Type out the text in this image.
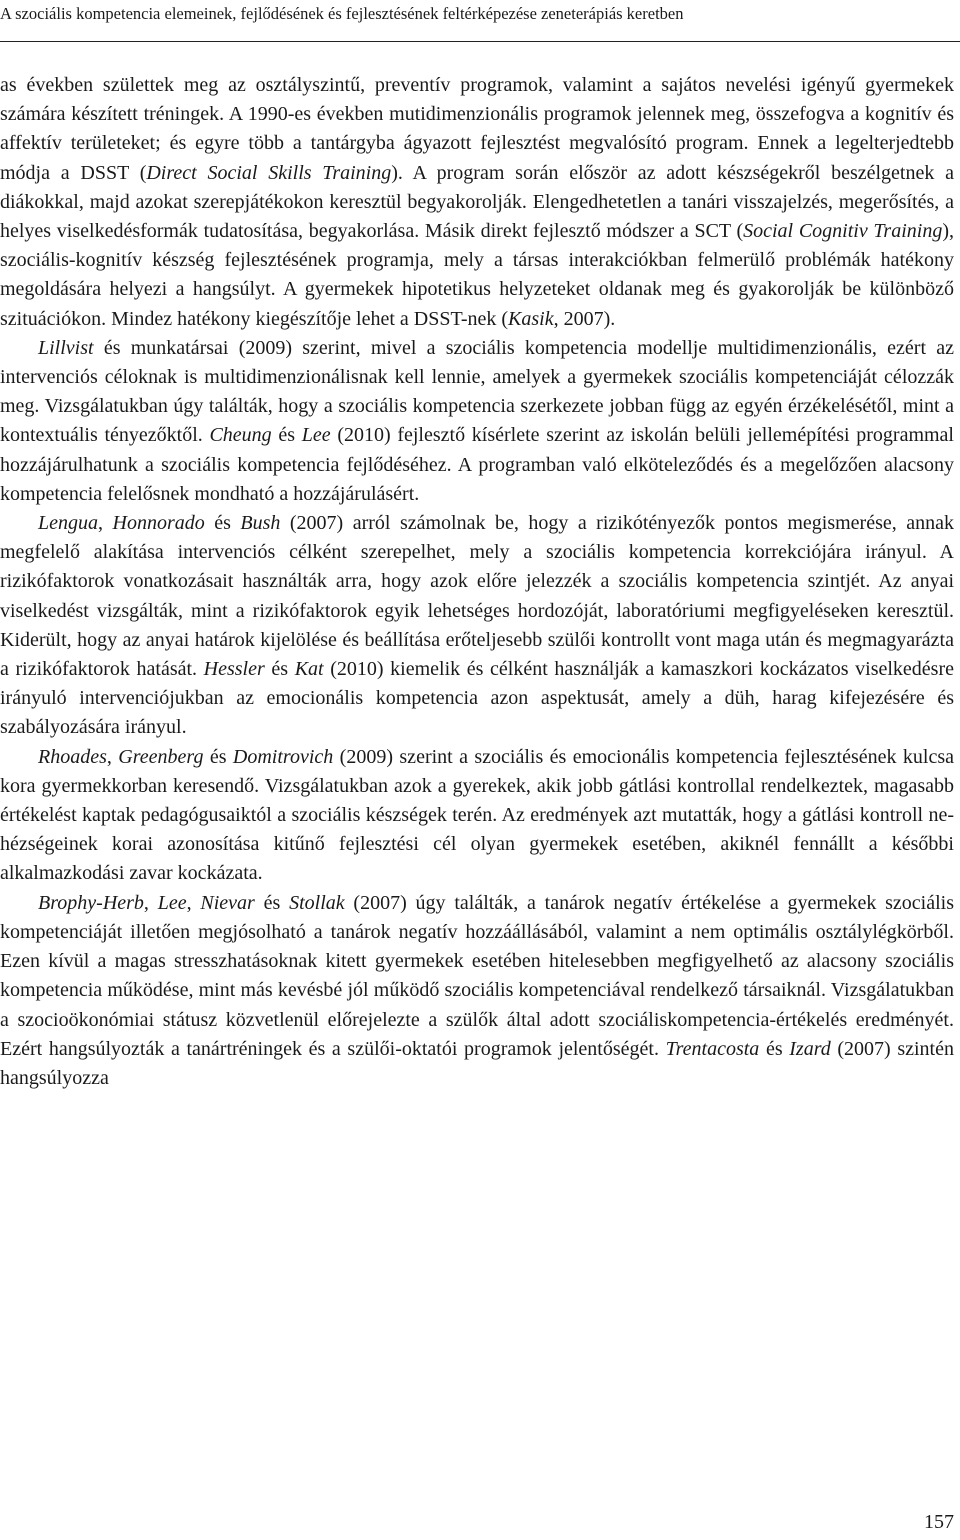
A szociális kompetencia elemeinek, fejlődésének és fejlesztésének feltérképezése zeneterápiás keretben

as években születtek meg az osztályszintű, preventív programok, valamint a sajátos nevelési igényű gyermekek számára készített tréningek. A 1990-es években mutidimenzionális programok jelennek meg, összefogva a kognitív és affektív területeket; és egyre több a tantárgyba ágyazott fejlesztést megvalósító program. Ennek a legelterjedtebb módja a DSST (Direct Social Skills Training). A program során először az adott készségekről beszélgetnek a diákokkal, majd azokat szerepjátékokon keresztül begyakorolják. Elengedhetetlen a tanári visszajelzés, megerősítés, a helyes viselkedésformák tudatosítása, begyakorlása. Másik direkt fejlesztő módszer a SCT (Social Cognitiv Training), szociális-kognitív készség fejlesztésének programja, mely a társas interakciókban felmerülő problémák hatékony megoldására helyezi a hangsúlyt. A gyermekek hipotetikus helyzeteket oldanak meg és gyakorolják be különböző szituációkon. Mindez hatékony kiegészítője lehet a DSST-nek (Kasik, 2007).

Lillvist és munkatársai (2009) szerint, mivel a szociális kompetencia modellje multidimenzionális, ezért az intervenciós céloknak is multidimenzionálisnak kell lennie, amelyek a gyermekek szociális kompetenciáját célozzák meg. Vizsgálatukban úgy találták, hogy a szociális kompetencia szerkezete jobban függ az egyén érzékelésétől, mint a kontextuális tényezőktől. Cheung és Lee (2010) fejlesztő kísérlete szerint az iskolán belüli jellemépítési programmal hozzájárulhatunk a szociális kompetencia fejlődéséhez. A programban való elköteleződés és a megelőzően alacsony kompetencia felelősnek mondható a hozzájárulásért.

Lengua, Honnorado és Bush (2007) arról számolnak be, hogy a rizikótényezők pontos megismerése, annak megfelelő alakítása intervenciós célként szerepelhet, mely a szociális kompetencia korrekciójára irányul. A rizikófaktorok vonatkozásait használták arra, hogy azok előre jelezzék a szociális kompetencia szintjét. Az anyai viselkedést vizsgálták, mint a rizikófaktorok egyik lehetséges hordozóját, laboratóriumi megfigyeléseken keresztül. Kiderült, hogy az anyai határok kijelölése és beállítása erőteljesebb szülői kontrollt vont maga után és megmagyarázta a rizikófaktorok hatását. Hessler és Kat (2010) kiemelik és célként használják a kamaszkori kockázatos viselkedésre irányuló intervenciójukban az emocionális kompetencia azon aspektusát, amely a düh, harag kifejezésére és szabályozására irányul.

Rhoades, Greenberg és Domitrovich (2009) szerint a szociális és emocionális kompetencia fejlesztésének kulcsa kora gyermekkorban keresendő. Vizsgálatukban azok a gyerekek, akik jobb gátlási kontrollal rendelkeztek, magasabb értékelést kaptak pedagógusaiktól a szociális készségek terén. Az eredmények azt mutatták, hogy a gátlási kontroll nehézségeinek korai azonosítása kitűnő fejlesztési cél olyan gyermekek esetében, akiknél fennállt a későbbi alkalmazkodási zavar kockázata.

Brophy-Herb, Lee, Nievar és Stollak (2007) úgy találták, a tanárok negatív értékelése a gyermekek szociális kompetenciáját illetően megjósolható a tanárok negatív hozzáállásából, valamint a nem optimális osztálylégkörből. Ezen kívül a magas stresszhatásoknak kitett gyermekek esetében hitelesebben megfigyelhető az alacsony szociális kompetencia működése, mint más kevésbé jól működő szociális kompetenciával rendelkező társaiknál. Vizsgálatukban a szocioökonómiai státusz közvetlenül előrejelezte a szülők által adott szociáliskompetencia-értékelés eredményét. Ezért hangsúlyozták a tanártréningek és a szülői-oktatói programok jelentőségét. Trentacosta és Izard (2007) szintén hangsúlyozza

157
